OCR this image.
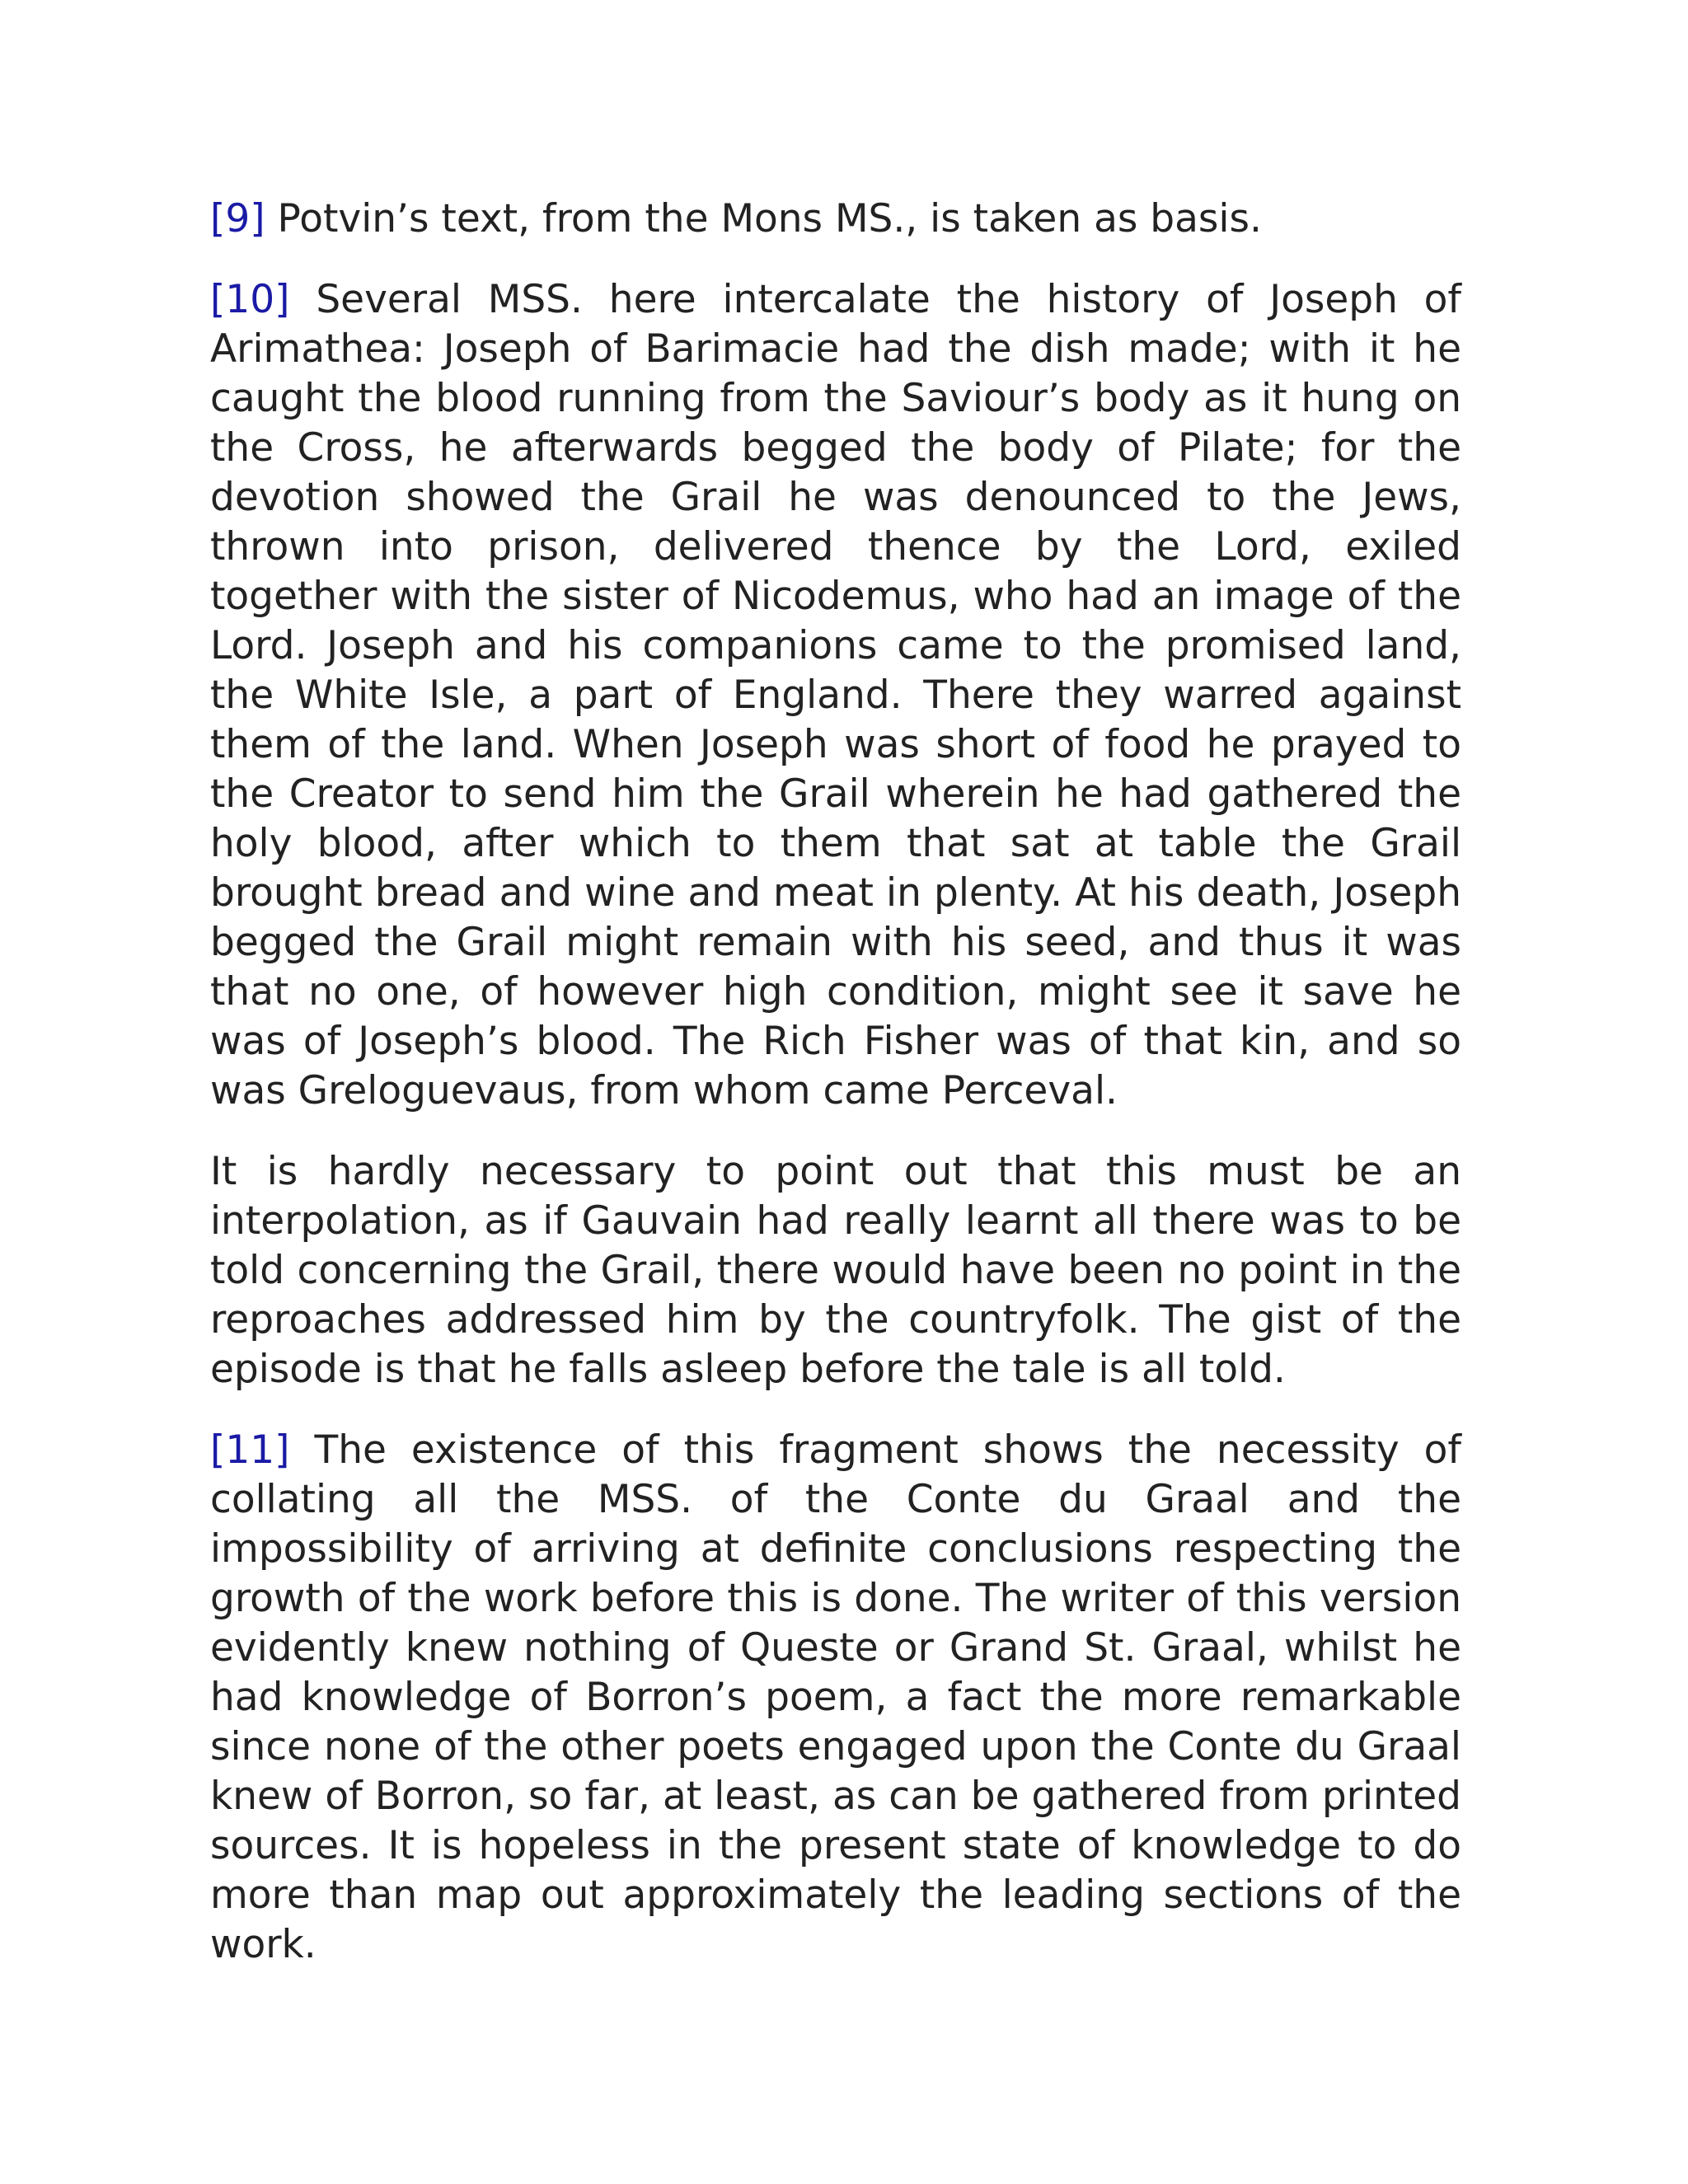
[9] Potvin’s text, from the Mons MS., is taken as basis.

[10] Several MSS. here intercalate the history of Joseph of Arimathea: Joseph of Barimacie had the dish made; with it he caught the blood running from the Saviour’s body as it hung on the Cross, he afterwards begged the body of Pilate; for the devotion showed the Grail he was denounced to the Jews, thrown into prison, delivered thence by the Lord, exiled together with the sister of Nicodemus, who had an image of the Lord. Joseph and his companions came to the promised land, the White Isle, a part of England. There they warred against them of the land. When Joseph was short of food he prayed to the Creator to send him the Grail wherein he had gathered the holy blood, after which to them that sat at table the Grail brought bread and wine and meat in plenty. At his death, Joseph begged the Grail might remain with his seed, and thus it was that no one, of however high condition, might see it save he was of Joseph’s blood. The Rich Fisher was of that kin, and so was Greloguevaus, from whom came Perceval.

It is hardly necessary to point out that this must be an interpolation, as if Gauvain had really learnt all there was to be told concerning the Grail, there would have been no point in the reproaches addressed him by the countryfolk. The gist of the episode is that he falls asleep before the tale is all told.

[11] The existence of this fragment shows the necessity of collating all the MSS. of the Conte du Graal and the impossibility of arriving at definite conclusions respecting the growth of the work before this is done. The writer of this version evidently knew nothing of Queste or Grand St. Graal, whilst he had knowledge of Borron’s poem, a fact the more remarkable since none of the other poets engaged upon the Conte du Graal knew of Borron, so far, at least, as can be gathered from printed sources. It is hopeless in the present state of knowledge to do more than map out approximately the leading sections of the work.
